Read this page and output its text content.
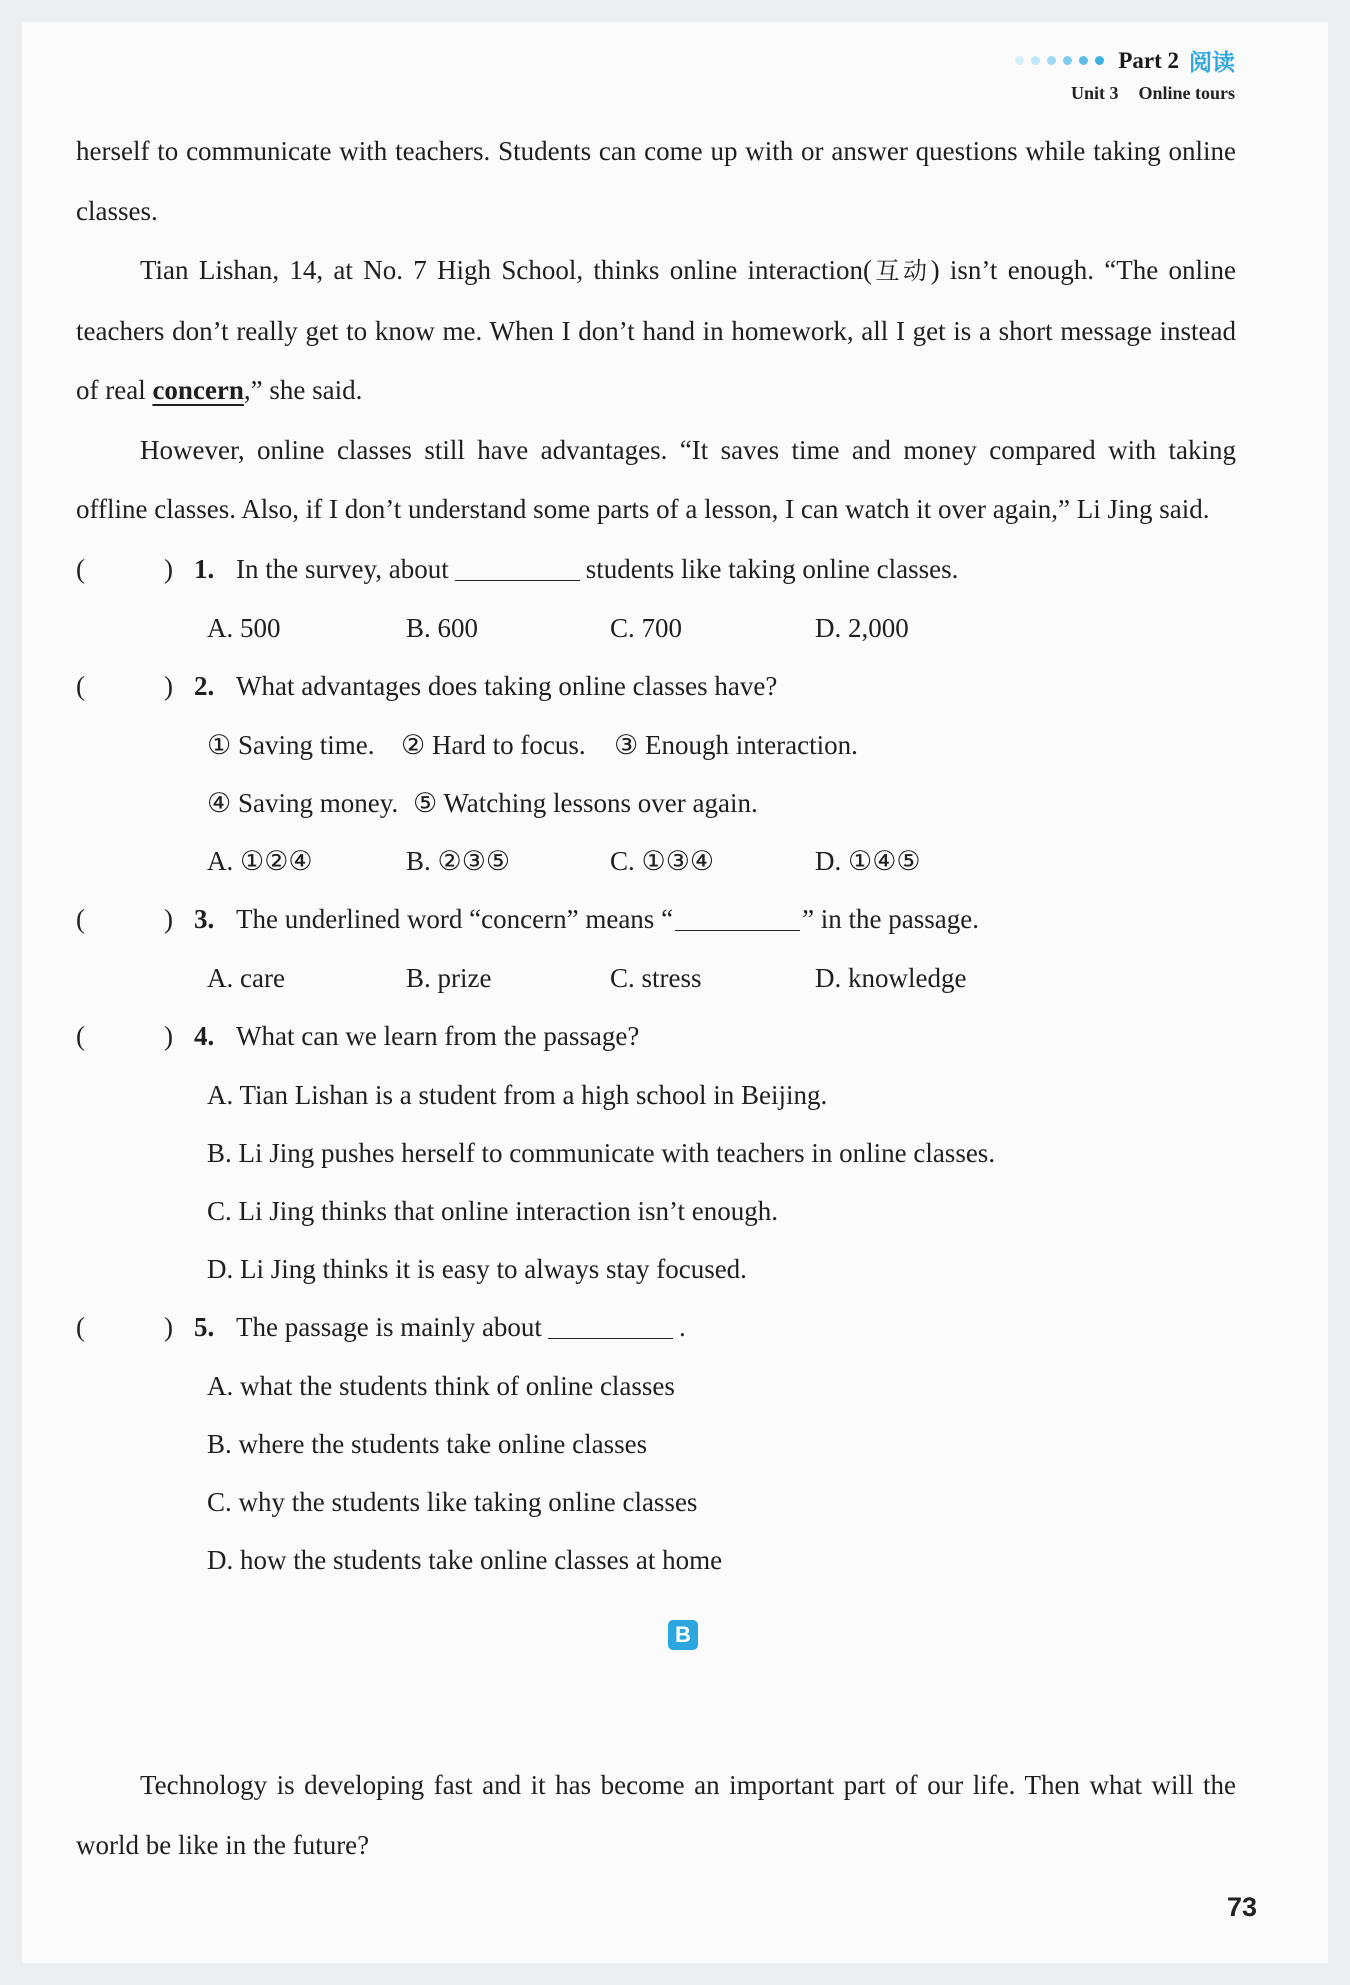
Part 2 阅读
Unit 3 Online tours

herself to communicate with teachers. Students can come up with or answer questions while taking online classes.

Tian Lishan, 14, at No. 7 High School, thinks online interaction(互动) isn’t enough. “The online teachers don’t really get to know me. When I don’t hand in homework, all I get is a short message instead of real concern,” she said.

However, online classes still have advantages. “It saves time and money compared with taking offline classes. Also, if I don’t understand some parts of a lesson, I can watch it over again,” Li Jing said.

(	) 1. In the survey, about	students like taking online classes.
A. 500	B. 600	C. 700	D. 2,000
(	) 2. What advantages does taking online classes have?
① Saving time. ② Hard to focus. ③ Enough interaction.
④ Saving money. ⑤ Watching lessons over again.
A. ①②④	B. ②③⑤	C. ①③④	D. ①④⑤
(	) 3. The underlined word “concern” means “	” in the passage.
A. care	B. prize	C. stress	D. knowledge
(	) 4. What can we learn from the passage?
A. Tian Lishan is a student from a high school in Beijing.
B. Li Jing pushes herself to communicate with teachers in online classes.
C. Li Jing thinks that online interaction isn’t enough.
D. Li Jing thinks it is easy to always stay focused.
(	) 5. The passage is mainly about	.
A. what the students think of online classes
B. where the students take online classes
C. why the students like taking online classes
D. how the students take online classes at home
B

Technology is developing fast and it has become an important part of our life. Then what will the world be like in the future?

73
